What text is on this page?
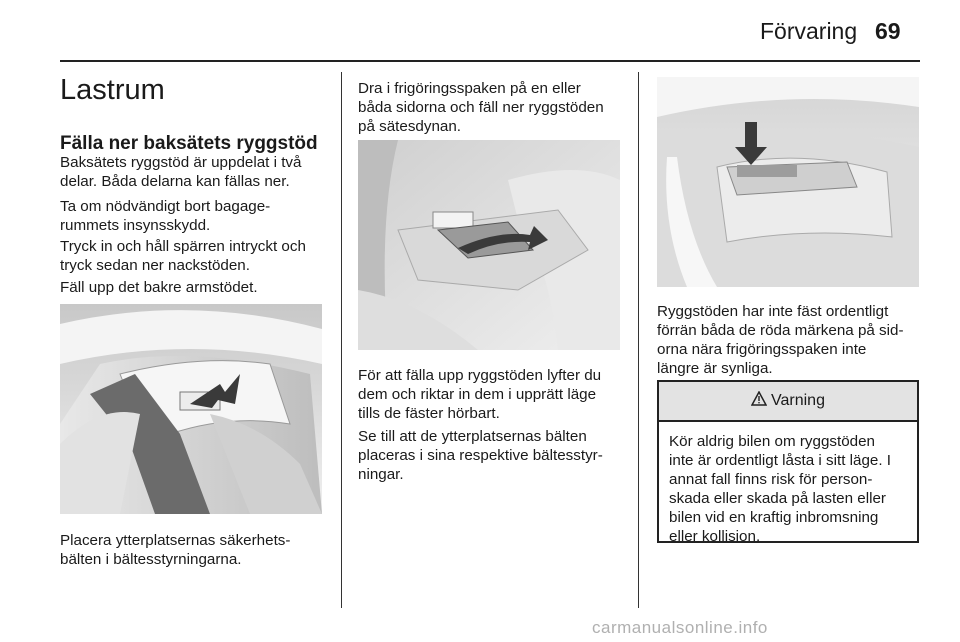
Förvaring 69
Lastrum
Fälla ner baksätets ryggstöd

Baksätets ryggstöd är uppdelat i två
delar. Båda delarna kan fällas ner.

Ta om nödvändigt bort bagage-
rummets insynsskydd.

Tryck in och håll spärren intryckt och
tryck sedan ner nackstöden.

Fäll upp det bakre armstödet.

Placera ytterplatsernas säkerhets-
bälten i bältesstyrningarna.

Dra i frigöringsspaken på en eller
båda sidorna och fäll ner ryggstöden
på sätesdynan.

För att fälla upp ryggstöden lyfter du
dem och riktar in dem i upprätt läge
tills de fäster hörbart.

Se till att de ytterplatsernas bälten
placeras i sina respektive bältesstyr-
ningar.

Ryggstöden har inte fäst ordentligt
förrän båda de röda märkena på sid-
orna nära frigöringsspaken inte
längre är synliga.

Varning
Kör aldrig bilen om ryggstöden
inte är ordentligt låsta i sitt läge. I
annat fall finns risk för person-
skada eller skada på lasten eller
bilen vid en kraftig inbromsning
eller kollision.
carmanualsonline.info
